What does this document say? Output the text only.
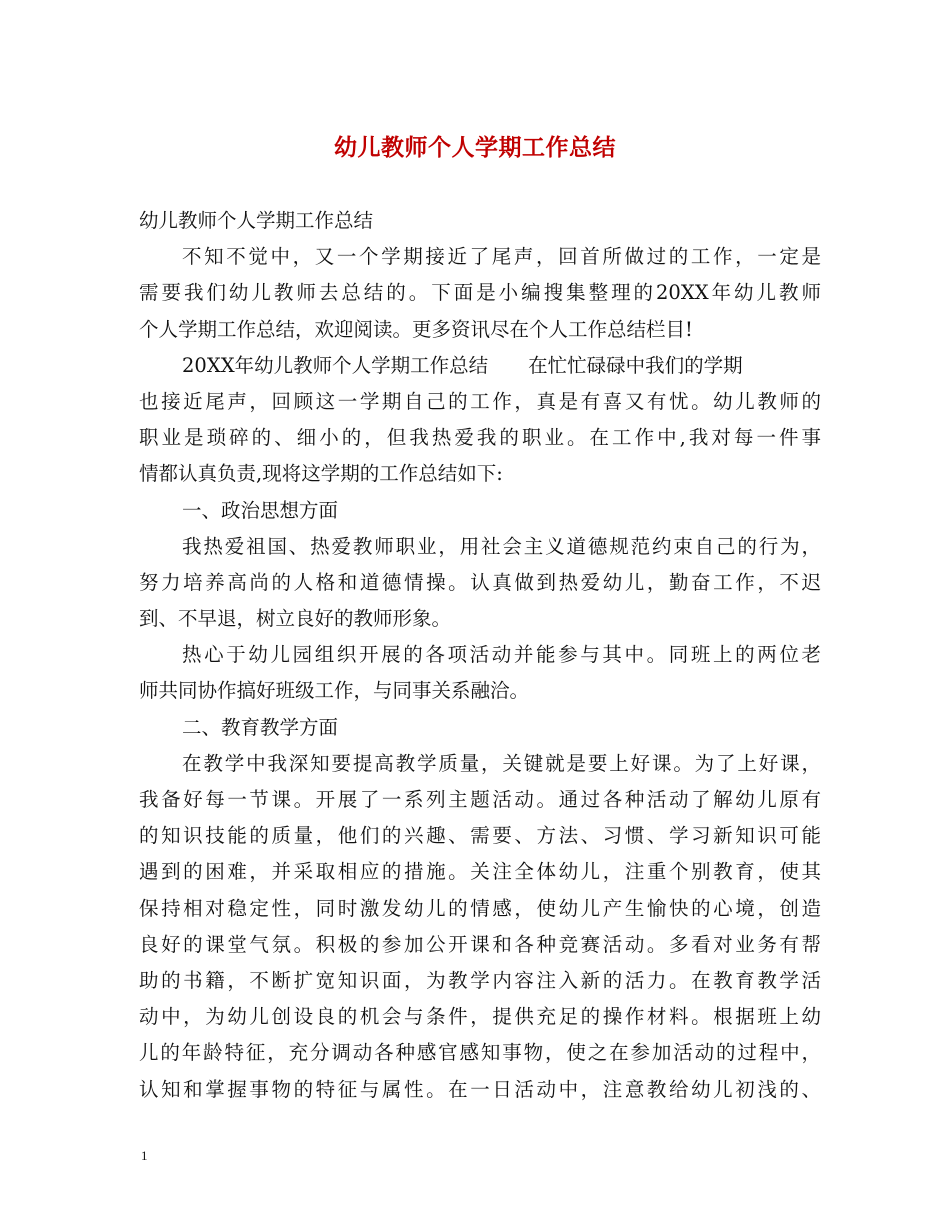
幼儿教师个人学期工作总结
幼儿教师个人学期工作总结
不知不觉中，又一个学期接近了尾声，回首所做过的工作，一定是
需要我们幼儿教师去总结的。下面是小编搜集整理的20XX年幼儿教师
个人学期工作总结，欢迎阅读。更多资讯尽在个人工作总结栏目!
20XX年幼儿教师个人学期工作总结 在忙忙碌碌中我们的学期
也接近尾声，回顾这一学期自己的工作，真是有喜又有忧。幼儿教师的
职业是琐碎的、细小的，但我热爱我的职业。在工作中,我对每一件事
情都认真负责,现将这学期的工作总结如下:
一、政治思想方面
我热爱祖国、热爱教师职业，用社会主义道德规范约束自己的行为，
努力培养高尚的人格和道德情操。认真做到热爱幼儿，勤奋工作，不迟
到、不早退，树立良好的教师形象。
热心于幼儿园组织开展的各项活动并能参与其中。同班上的两位老
师共同协作搞好班级工作，与同事关系融洽。
二、教育教学方面
在教学中我深知要提高教学质量，关键就是要上好课。为了上好课，
我备好每一节课。开展了一系列主题活动。通过各种活动了解幼儿原有
的知识技能的质量，他们的兴趣、需要、方法、习惯、学习新知识可能
遇到的困难，并采取相应的措施。关注全体幼儿，注重个别教育，使其
保持相对稳定性，同时激发幼儿的情感，使幼儿产生愉快的心境，创造
良好的课堂气氛。积极的参加公开课和各种竞赛活动。多看对业务有帮
助的书籍，不断扩宽知识面，为教学内容注入新的活力。在教育教学活
动中，为幼儿创设良的机会与条件，提供充足的操作材料。根据班上幼
儿的年龄特征，充分调动各种感官感知事物，使之在参加活动的过程中，
认知和掌握事物的特征与属性。在一日活动中，注意教给幼儿初浅的、
1
